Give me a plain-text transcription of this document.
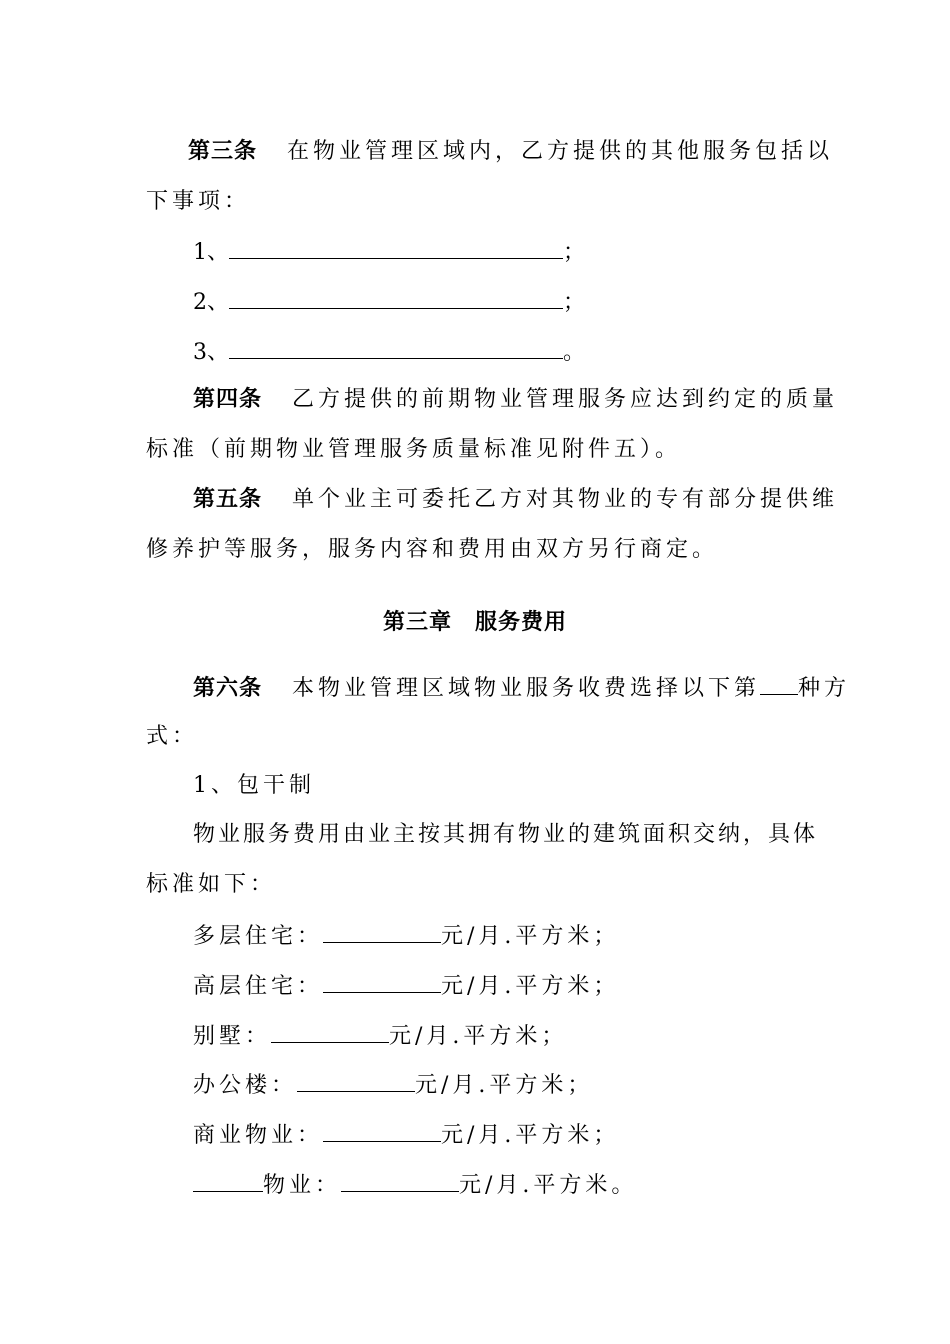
第三条 在物业管理区域内，乙方提供的其他服务包括以
下事项：
1、	；
2、	；
3、	。
第四条 乙方提供的前期物业管理服务应达到约定的质量
标准（前期物业管理服务质量标准见附件五）。
第五条 单个业主可委托乙方对其物业的专有部分提供维
修养护等服务，服务内容和费用由双方另行商定。
第三章　服务费用
第六条 本物业管理区域物业服务收费选择以下第 种方
式：
1、包干制
物业服务费用由业主按其拥有物业的建筑面积交纳，具体
标准如下：
多层住宅：	元/月.平方米；
高层住宅：	元/月.平方米；
别墅：	元/月.平方米；
办公楼：	元/月.平方米；
商业物业：	元/月.平方米；
物业：	元/月.平方米。
